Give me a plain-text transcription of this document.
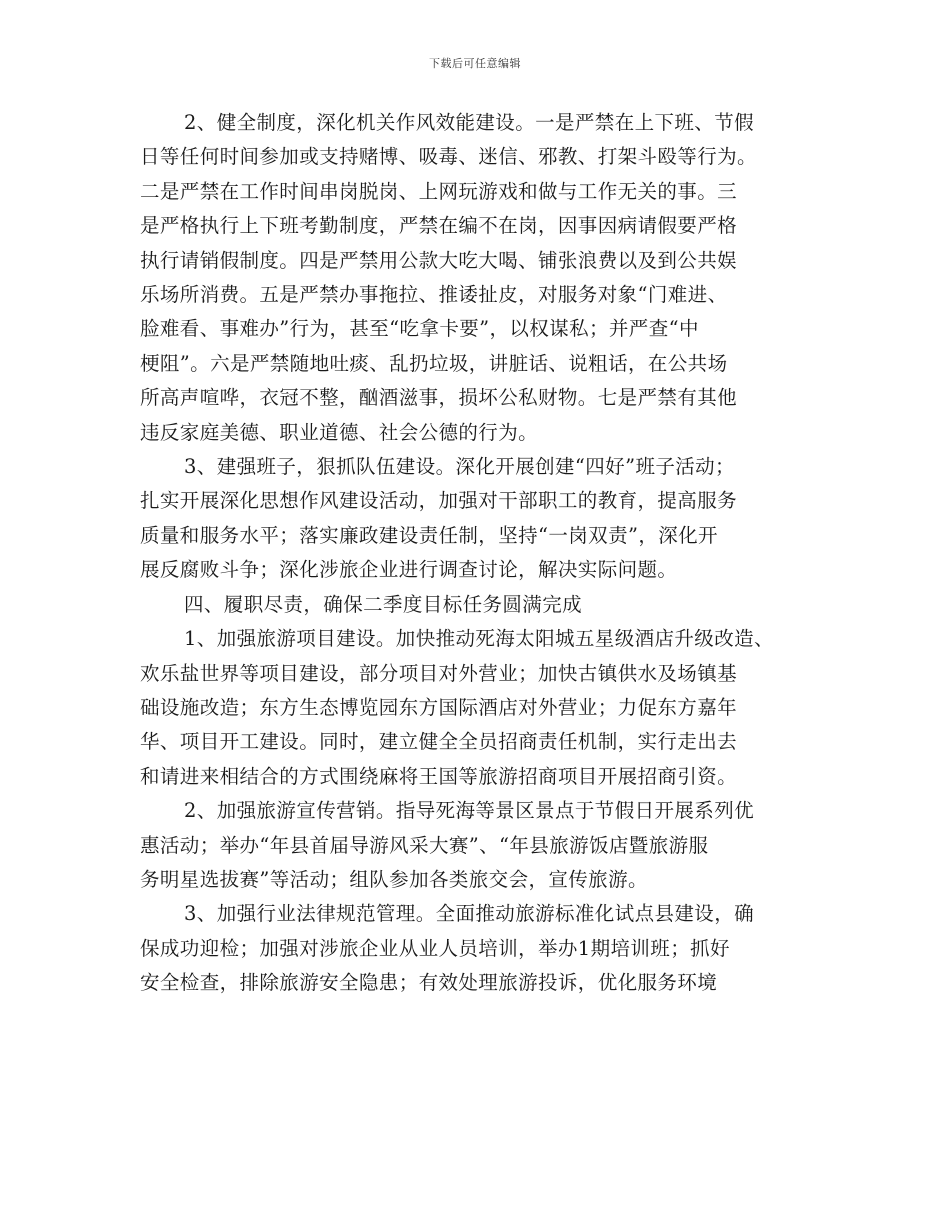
下载后可任意编辑

2、健全制度，深化机关作风效能建设。一是严禁在上下班、节假

日等任何时间参加或支持赌博、吸毒、迷信、邪教、打架斗殴等行为。

二是严禁在工作时间串岗脱岗、上网玩游戏和做与工作无关的事。三

是严格执行上下班考勤制度，严禁在编不在岗，因事因病请假要严格

执行请销假制度。四是严禁用公款大吃大喝、铺张浪费以及到公共娱

乐场所消费。五是严禁办事拖拉、推诿扯皮，对服务对象“门难进、

脸难看、事难办”行为，甚至“吃拿卡要”，以权谋私；并严查“中

梗阻”。六是严禁随地吐痰、乱扔垃圾，讲脏话、说粗话，在公共场

所高声喧哗，衣冠不整，酗酒滋事，损坏公私财物。七是严禁有其他

违反家庭美德、职业道德、社会公德的行为。

3、建强班子，狠抓队伍建设。深化开展创建“四好”班子活动；

扎实开展深化思想作风建设活动，加强对干部职工的教育，提高服务

质量和服务水平；落实廉政建设责任制，坚持“一岗双责”，深化开

展反腐败斗争；深化涉旅企业进行调查讨论，解决实际问题。

四、履职尽责，确保二季度目标任务圆满完成

1、加强旅游项目建设。加快推动死海太阳城五星级酒店升级改造、

欢乐盐世界等项目建设，部分项目对外营业；加快古镇供水及场镇基

础设施改造；东方生态博览园东方国际酒店对外营业；力促东方嘉年

华、项目开工建设。同时，建立健全全员招商责任机制，实行走出去

和请进来相结合的方式围绕麻将王国等旅游招商项目开展招商引资。

2、加强旅游宣传营销。指导死海等景区景点于节假日开展系列优

惠活动；举办“年县首届导游风采大赛”、“年县旅游饭店暨旅游服

务明星选拔赛”等活动；组队参加各类旅交会，宣传旅游。

3、加强行业法律规范管理。全面推动旅游标准化试点县建设，确

保成功迎检；加强对涉旅企业从业人员培训，举办1期培训班；抓好

安全检查，排除旅游安全隐患；有效处理旅游投诉，优化服务环境
